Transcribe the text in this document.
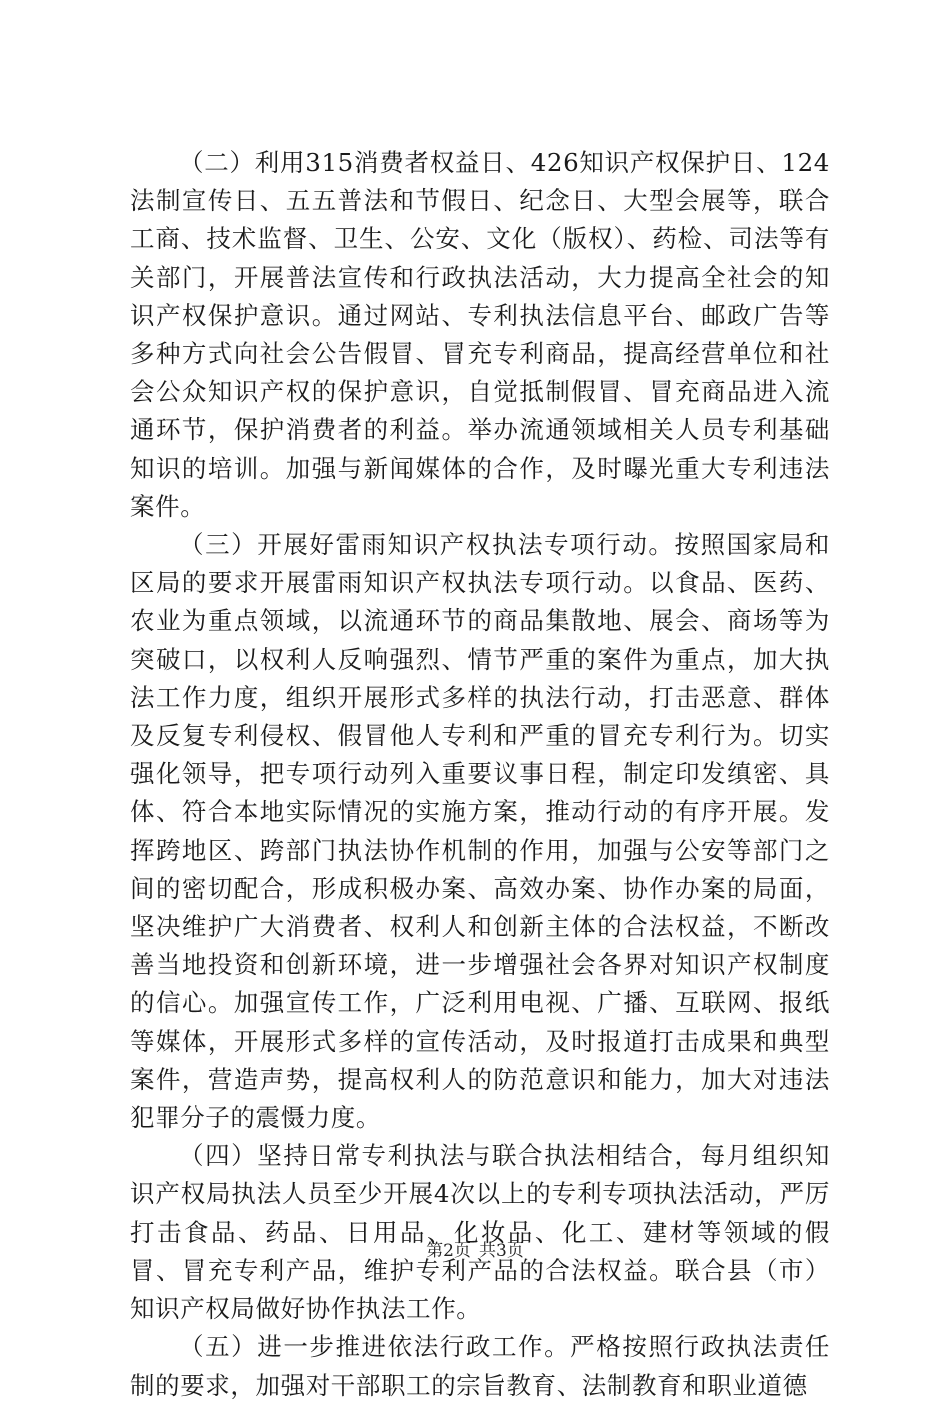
（二）利用315消费者权益日、426知识产权保护日、124法制宣传日、五五普法和节假日、纪念日、大型会展等，联合工商、技术监督、卫生、公安、文化（版权）、药检、司法等有关部门，开展普法宣传和行政执法活动，大力提高全社会的知识产权保护意识。通过网站、专利执法信息平台、邮政广告等多种方式向社会公告假冒、冒充专利商品，提高经营单位和社会公众知识产权的保护意识，自觉抵制假冒、冒充商品进入流通环节，保护消费者的利益。举办流通领域相关人员专利基础知识的培训。加强与新闻媒体的合作，及时曝光重大专利违法案件。

（三）开展好雷雨知识产权执法专项行动。按照国家局和区局的要求开展雷雨知识产权执法专项行动。以食品、医药、农业为重点领域，以流通环节的商品集散地、展会、商场等为突破口，以权利人反响强烈、情节严重的案件为重点，加大执法工作力度，组织开展形式多样的执法行动，打击恶意、群体及反复专利侵权、假冒他人专利和严重的冒充专利行为。切实强化领导，把专项行动列入重要议事日程，制定印发缜密、具体、符合本地实际情况的实施方案，推动行动的有序开展。发挥跨地区、跨部门执法协作机制的作用，加强与公安等部门之间的密切配合，形成积极办案、高效办案、协作办案的局面，坚决维护广大消费者、权利人和创新主体的合法权益，不断改善当地投资和创新环境，进一步增强社会各界对知识产权制度的信心。加强宣传工作，广泛利用电视、广播、互联网、报纸等媒体，开展形式多样的宣传活动，及时报道打击成果和典型案件，营造声势，提高权利人的防范意识和能力，加大对违法犯罪分子的震慑力度。

（四）坚持日常专利执法与联合执法相结合，每月组织知识产权局执法人员至少开展4次以上的专利专项执法活动，严厉打击食品、药品、日用品、化妆品、化工、建材等领域的假冒、冒充专利产品，维护专利产品的合法权益。联合县（市）知识产权局做好协作执法工作。

（五）进一步推进依法行政工作。严格按照行政执法责任制的要求，加强对干部职工的宗旨教育、法制教育和职业道德

第2页 共3页
